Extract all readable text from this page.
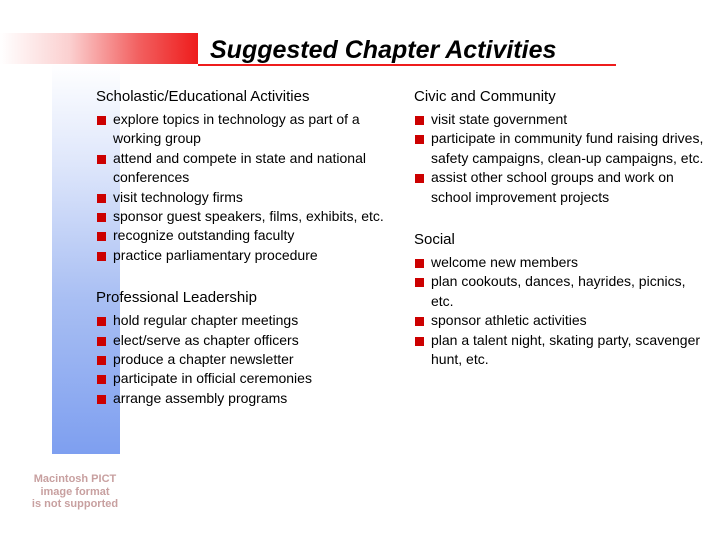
Suggested Chapter Activities
Scholastic/Educational Activities
explore topics in technology as part of a working group
attend and compete in state and national conferences
visit technology firms
sponsor guest speakers, films, exhibits, etc.
recognize outstanding faculty
practice parliamentary procedure
Professional Leadership
hold regular chapter meetings
elect/serve as chapter officers
produce a chapter newsletter
participate in official ceremonies
arrange assembly programs
Civic and Community
visit state government
participate in community fund raising drives, safety campaigns, clean-up campaigns, etc.
assist other school groups and work on school improvement projects
Social
welcome new members
plan cookouts, dances, hayrides, picnics, etc.
sponsor athletic activities
plan a talent night, skating party, scavenger hunt, etc.
Macintosh PICT
image format
is not supported
